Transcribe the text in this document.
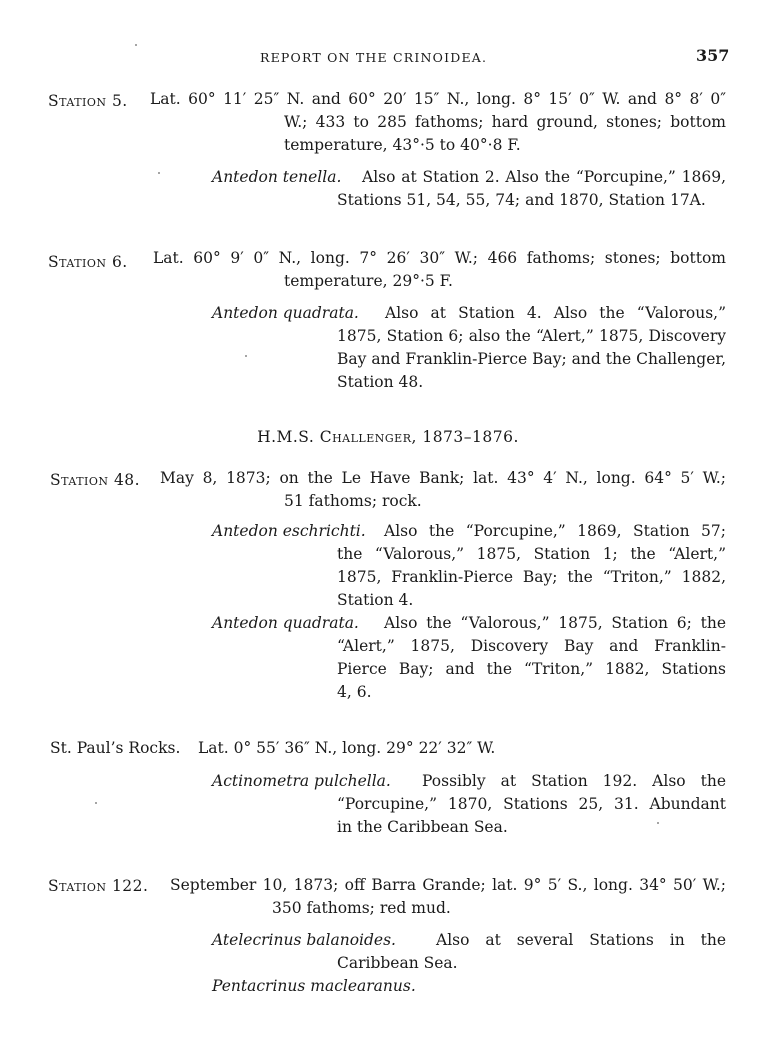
REPORT ON THE CRINOIDEA.	357
Station 5. Lat. 60° 11′ 25″ N. and 60° 20′ 15″ N., long. 8° 15′ 0″ W. and 8° 8′ 0″
W.; 433 to 285 fathoms; hard ground, stones; bottom
temperature, 43°·5 to 40°·8 F.
Antedon tenella. Also at Station 2. Also the “Porcupine,” 1869,
Stations 51, 54, 55, 74; and 1870, Station 17A.
Station 6. Lat. 60° 9′ 0″ N., long. 7° 26′ 30″ W.; 466 fathoms; stones; bottom
temperature, 29°·5 F.
Antedon quadrata. Also at Station 4. Also the “Valorous,”
1875, Station 6; also the “Alert,” 1875, Discovery
Bay and Franklin-Pierce Bay; and the Challenger,
Station 48.
H.M.S. Challenger, 1873–1876.
Station 48. May 8, 1873; on the Le Have Bank; lat. 43° 4′ N., long. 64° 5′ W.;
51 fathoms; rock.
Antedon eschrichti. Also the “Porcupine,” 1869, Station 57;
the “Valorous,” 1875, Station 1; the “Alert,”
1875, Franklin-Pierce Bay; the “Triton,” 1882,
Station 4.
Antedon quadrata. Also the “Valorous,” 1875, Station 6; the
“Alert,” 1875, Discovery Bay and Franklin-
Pierce Bay; and the “Triton,” 1882, Stations
4, 6.
St. Paul’s Rocks. Lat. 0° 55′ 36″ N., long. 29° 22′ 32″ W.
Actinometra pulchella. Possibly at Station 192. Also the
“Porcupine,” 1870, Stations 25, 31. Abundant
in the Caribbean Sea.
Station 122. September 10, 1873; off Barra Grande; lat. 9° 5′ S., long. 34° 50′ W.;
350 fathoms; red mud.
Atelecrinus balanoides.	Also at several Stations in the
Caribbean Sea.
Pentacrinus maclearanus.
